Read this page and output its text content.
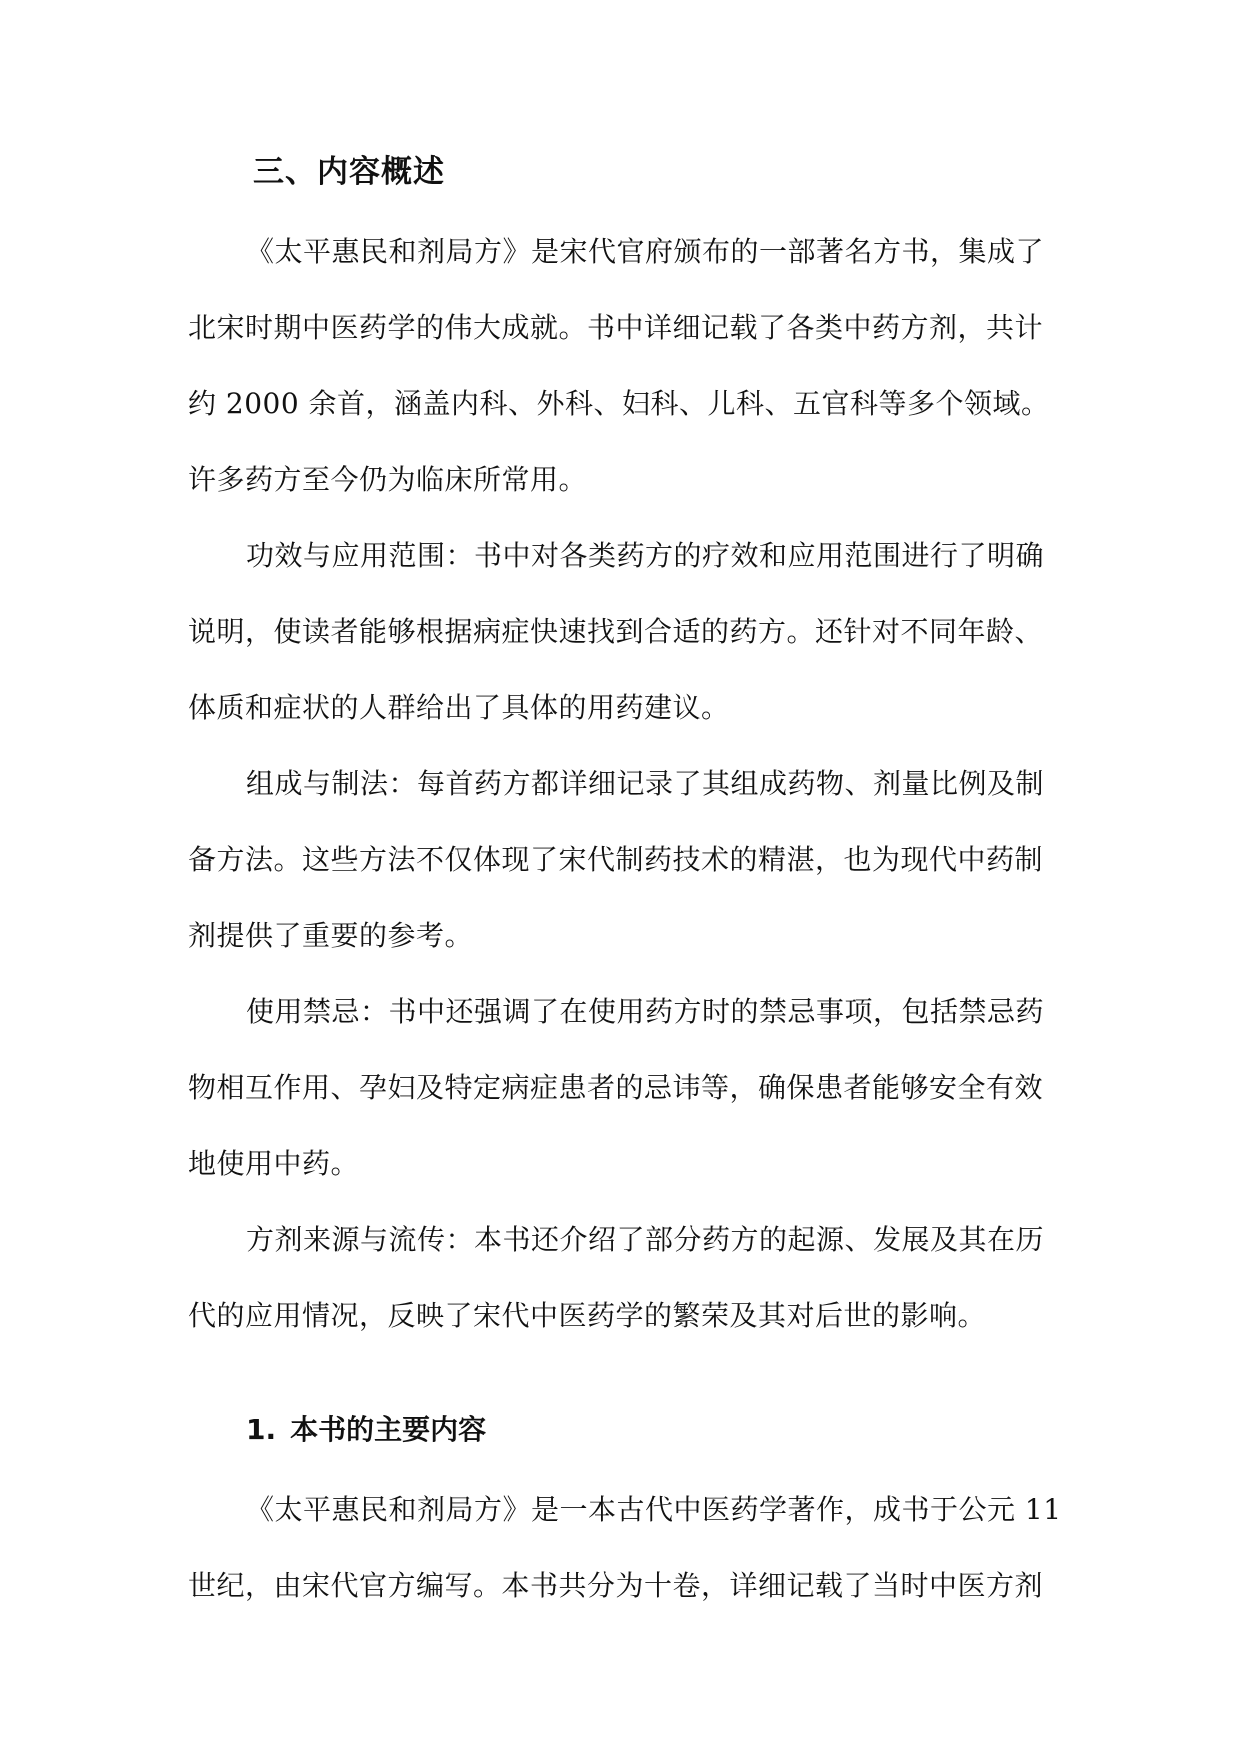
三、内容概述
《太平惠民和剂局方》是宋代官府颁布的一部著名方书，集成了
北宋时期中医药学的伟大成就。书中详细记载了各类中药方剂，共计
约 2000 余首，涵盖内科、外科、妇科、儿科、五官科等多个领域。
许多药方至今仍为临床所常用。
功效与应用范围：书中对各类药方的疗效和应用范围进行了明确
说明，使读者能够根据病症快速找到合适的药方。还针对不同年龄、
体质和症状的人群给出了具体的用药建议。
组成与制法：每首药方都详细记录了其组成药物、剂量比例及制
备方法。这些方法不仅体现了宋代制药技术的精湛，也为现代中药制
剂提供了重要的参考。
使用禁忌：书中还强调了在使用药方时的禁忌事项，包括禁忌药
物相互作用、孕妇及特定病症患者的忌讳等，确保患者能够安全有效
地使用中药。
方剂来源与流传：本书还介绍了部分药方的起源、发展及其在历
代的应用情况，反映了宋代中医药学的繁荣及其对后世的影响。
1. 本书的主要内容
《太平惠民和剂局方》是一本古代中医药学著作，成书于公元 11
世纪，由宋代官方编写。本书共分为十卷，详细记载了当时中医方剂
